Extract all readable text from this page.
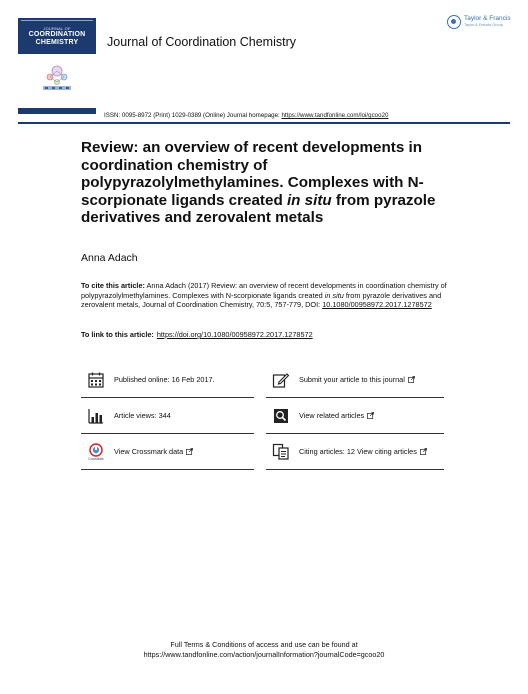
JOURNAL OF
COORDINATION
CHEMISTRY	Journal of Coordination Chemistry
Taylor & Francis
Taylor & Francis Group
ISSN: 0095-8972 (Print) 1029-0389 (Online) Journal homepage: https://www.tandfonline.com/loi/gcoo20
Review: an overview of recent developments in coordination chemistry of polypyrazolylmethylamines. Complexes with N-scorpionate ligands created in situ from pyrazole derivatives and zerovalent metals
Anna Adach
To cite this article: Anna Adach (2017) Review: an overview of recent developments in coordination chemistry of polypyrazolylmethylamines. Complexes with N-scorpionate ligands created in situ from pyrazole derivatives and zerovalent metals, Journal of Coordination Chemistry, 70:5, 757-779, DOI: 10.1080/00958972.2017.1278572
To link to this article: https://doi.org/10.1080/00958972.2017.1278572
Published online: 16 Feb 2017.	Submit your article to this journal
Article views: 344	View related articles
CrossMark
View Crossmark data	Citing articles: 12 View citing articles
Full Terms & Conditions of access and use can be found at
https://www.tandfonline.com/action/journalInformation?journalCode=gcoo20
